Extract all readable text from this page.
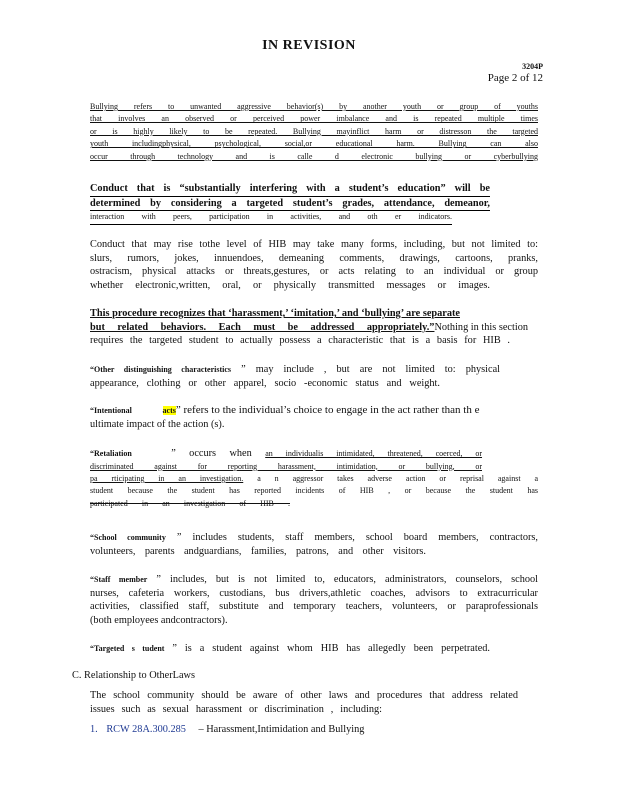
IN REVISION
3204P
Page 2 of 12
Bullying refers to unwanted aggressive behavior(s) by another youth or group of youths
that involves an observed or perceived power imbalance and is repeated multiple times
or is highly likely to be repeated. Bullying mayinflict harm or distresson the targeted
youth includingphysical, psychological, social,or educational harm. Bullying can also
occur through technology and is calle d electronic bullying or cyberbullying
Conduct that is “substantially interfering with a student’s education” will be
determined by considering a targeted student’s grades, attendance, demeanor,
interaction with peers, participation in activities, and oth er indicators.
Conduct that may rise tothe level of HIB may take many forms, including, but not limited to:
slurs, rumors, jokes, innuendoes, demeaning comments, drawings, cartoons, pranks,
ostracism, physical attacks or threats,gestures, or acts relating to an individual or group
whether electronic,written, oral, or physically transmitted messages or images.
This procedure recognizes that ‘harassment,’ ‘imitation,’ and ‘bullying’ are separate
but related behaviors. Each must be addressed appropriately.” Nothing in this section
requires the targeted student to actually possess a characteristic that is a basis for HIB .
“Other distinguishing characteristics ” may include , but are not limited to: physical
appearance, clothing or other apparel, socio -economic status and weight.
“Intentional	acts” refers to the individual’s choice to engage in the act rather than th e
ultimate impact of the action (s).
“Retaliation	” occurs when an individualis intimidated, threatened, coerced, or
discriminated against for reporting harassment, intimidation, or bullying, or
pa rticipating in an investigation. a n aggressor takes adverse action or reprisal against a
student because the student has reported incidents of HIB , or because the student has
participated in an investigation of HIB .
“School community ” includes students, staff members, school board members, contractors,
volunteers, parents andguardians, families, patrons, and other visitors.
“Staff member ” includes, but is not limited to, educators, administrators, counselors, school
nurses, cafeteria workers, custodians, bus drivers,athletic coaches, advisors to extracurricular
activities, classified staff, substitute and temporary teachers, volunteers, or paraprofessionals
(both employees andcontractors).
“Targeted s tudent ” is a student against whom HIB has allegedly been perpetrated.
C. Relationship to OtherLaws
The school community should be aware of other laws and procedures that address related
issues such as sexual harassment or discrimination , including:
1. RCW 28A.300.285 – Harassment,Intimidation and Bullying
